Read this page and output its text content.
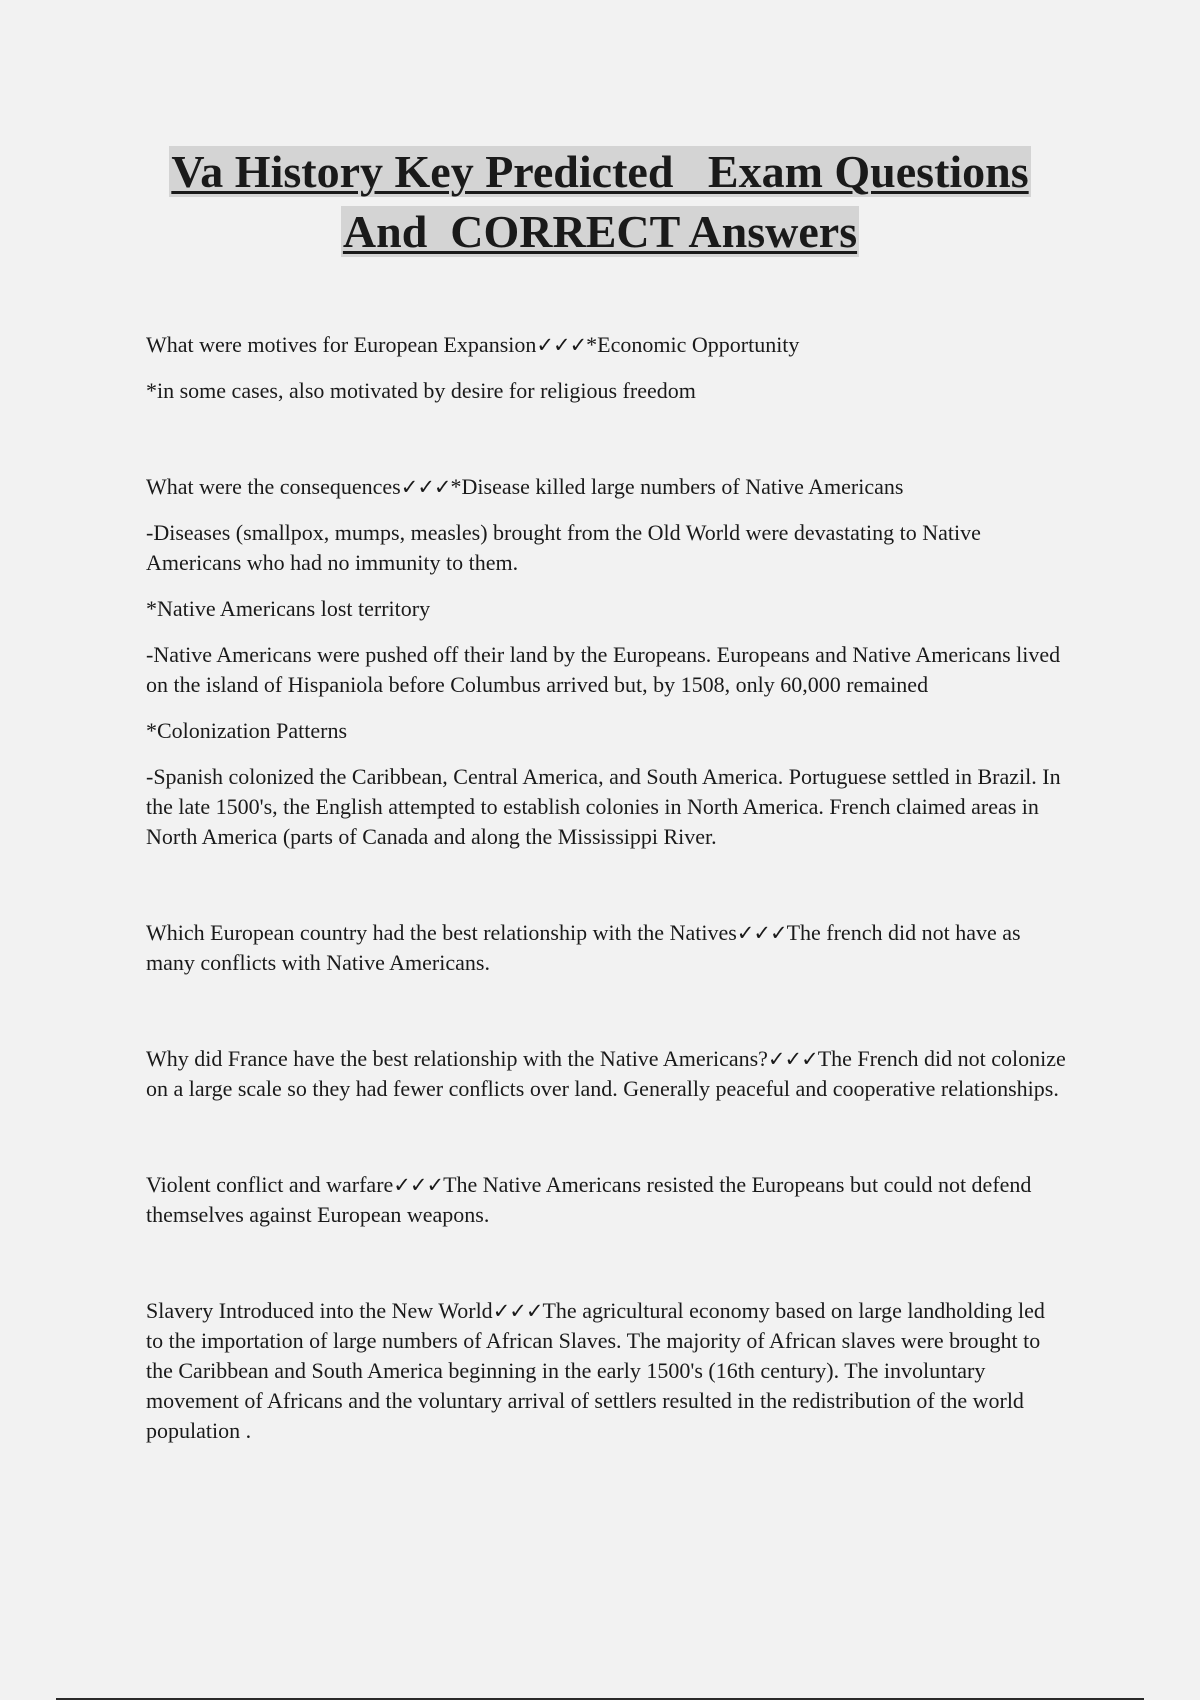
Va History Key Predicted   Exam Questions
And  CORRECT Answers

What were motives for European Expansion✓✓✓*Economic Opportunity

*in some cases, also motivated by desire for religious freedom

What were the consequences✓✓✓*Disease killed large numbers of Native Americans

-Diseases (smallpox, mumps, measles) brought from the Old World were devastating to Native Americans who had no immunity to them.

*Native Americans lost territory

-Native Americans were pushed off their land by the Europeans. Europeans and Native Americans lived on the island of Hispaniola before Columbus arrived but, by 1508, only 60,000 remained

*Colonization Patterns

-Spanish colonized the Caribbean, Central America, and South America. Portuguese settled in Brazil. In the late 1500's, the English attempted to establish colonies in North America. French claimed areas in North America (parts of Canada and along the Mississippi River.

Which European country had the best relationship with the Natives✓✓✓The french did not have as many conflicts with Native Americans.

Why did France have the best relationship with the Native Americans?✓✓✓The French did not colonize on a large scale so they had fewer conflicts over land. Generally peaceful and cooperative relationships.

Violent conflict and warfare✓✓✓The Native Americans resisted the Europeans but could not defend themselves against European weapons.

Slavery Introduced into the New World✓✓✓The agricultural economy based on large landholding led to the importation of large numbers of African Slaves. The majority of African slaves were brought to the Caribbean and South America beginning in the early 1500's (16th century). The involuntary movement of Africans and the voluntary arrival of settlers resulted in the redistribution of the world population .
